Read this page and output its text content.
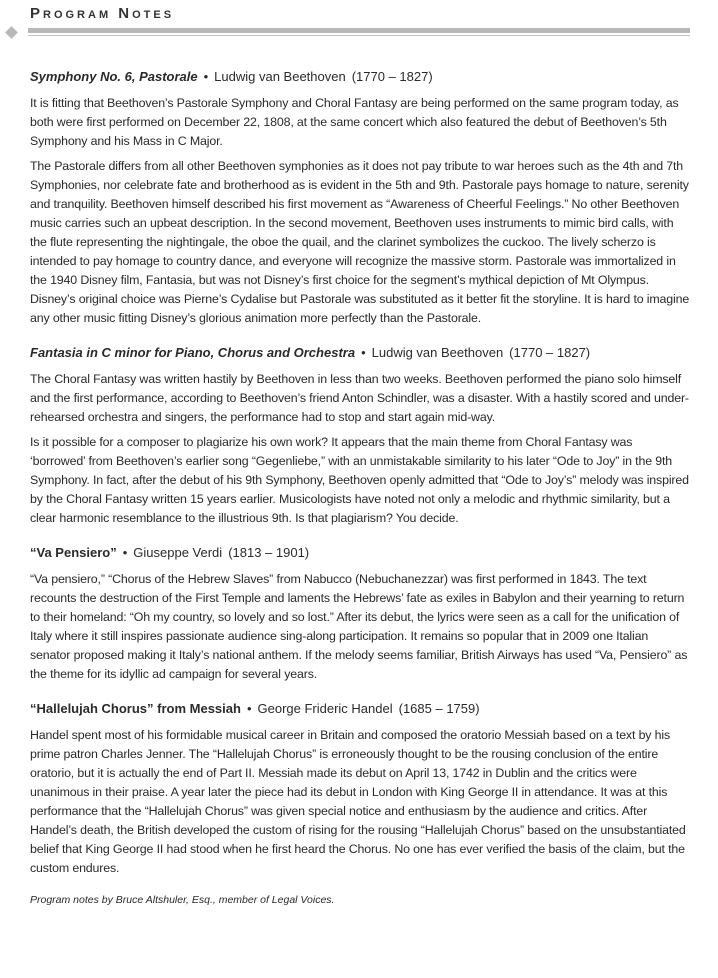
Program Notes
Symphony No. 6, Pastorale • Ludwig van Beethoven (1770 – 1827)

It is fitting that Beethoven’s Pastorale Symphony and Choral Fantasy are being performed on the same program today, as both were first performed on December 22, 1808, at the same concert which also featured the debut of Beethoven’s 5th Symphony and his Mass in C Major.

The Pastorale differs from all other Beethoven symphonies as it does not pay tribute to war heroes such as the 4th and 7th Symphonies, nor celebrate fate and brotherhood as is evident in the 5th and 9th. Pastorale pays homage to nature, serenity and tranquility. Beethoven himself described his first movement as “Awareness of Cheerful Feelings.” No other Beethoven music carries such an upbeat description. In the second movement, Beethoven uses instruments to mimic bird calls, with the flute representing the nightingale, the oboe the quail, and the clarinet symbolizes the cuckoo. The lively scherzo is intended to pay homage to country dance, and everyone will recognize the massive storm. Pastorale was immortalized in the 1940 Disney film, Fantasia, but was not Disney’s first choice for the segment’s mythical depiction of Mt Olympus. Disney’s original choice was Pierne’s Cydalise but Pastorale was substituted as it better fit the storyline. It is hard to imagine any other music fitting Disney’s glorious animation more perfectly than the Pastorale.

Fantasia in C minor for Piano, Chorus and Orchestra • Ludwig van Beethoven (1770 – 1827)

The Choral Fantasy was written hastily by Beethoven in less than two weeks. Beethoven performed the piano solo himself and the first performance, according to Beethoven’s friend Anton Schindler, was a disaster. With a hastily scored and under-rehearsed orchestra and singers, the performance had to stop and start again mid-way.

Is it possible for a composer to plagiarize his own work? It appears that the main theme from Choral Fantasy was ‘borrowed’ from Beethoven’s earlier song “Gegenliebe,” with an unmistakable similarity to his later “Ode to Joy” in the 9th Symphony. In fact, after the debut of his 9th Symphony, Beethoven openly admitted that “Ode to Joy’s” melody was inspired by the Choral Fantasy written 15 years earlier. Musicologists have noted not only a melodic and rhythmic similarity, but a clear harmonic resemblance to the illustrious 9th. Is that plagiarism? You decide.

“Va Pensiero” • Giuseppe Verdi (1813 – 1901)

“Va pensiero,” “Chorus of the Hebrew Slaves” from Nabucco (Nebuchanezzar) was first performed in 1843. The text recounts the destruction of the First Temple and laments the Hebrews’ fate as exiles in Babylon and their yearning to return to their homeland: “Oh my country, so lovely and so lost.” After its debut, the lyrics were seen as a call for the unification of Italy where it still inspires passionate audience sing-along participation. It remains so popular that in 2009 one Italian senator proposed making it Italy’s national anthem. If the melody seems familiar, British Airways has used “Va, Pensiero” as the theme for its idyllic ad campaign for several years.

“Hallelujah Chorus” from Messiah • George Frideric Handel (1685 – 1759)

Handel spent most of his formidable musical career in Britain and composed the oratorio Messiah based on a text by his prime patron Charles Jenner. The “Hallelujah Chorus” is erroneously thought to be the rousing conclusion of the entire oratorio, but it is actually the end of Part II. Messiah made its debut on April 13, 1742 in Dublin and the critics were unanimous in their praise. A year later the piece had its debut in London with King George II in attendance. It was at this performance that the “Hallelujah Chorus” was given special notice and enthusiasm by the audience and critics. After Handel’s death, the British developed the custom of rising for the rousing “Hallelujah Chorus” based on the unsubstantiated belief that King George II had stood when he first heard the Chorus. No one has ever verified the basis of the claim, but the custom endures.

Program notes by Bruce Altshuler, Esq., member of Legal Voices.
